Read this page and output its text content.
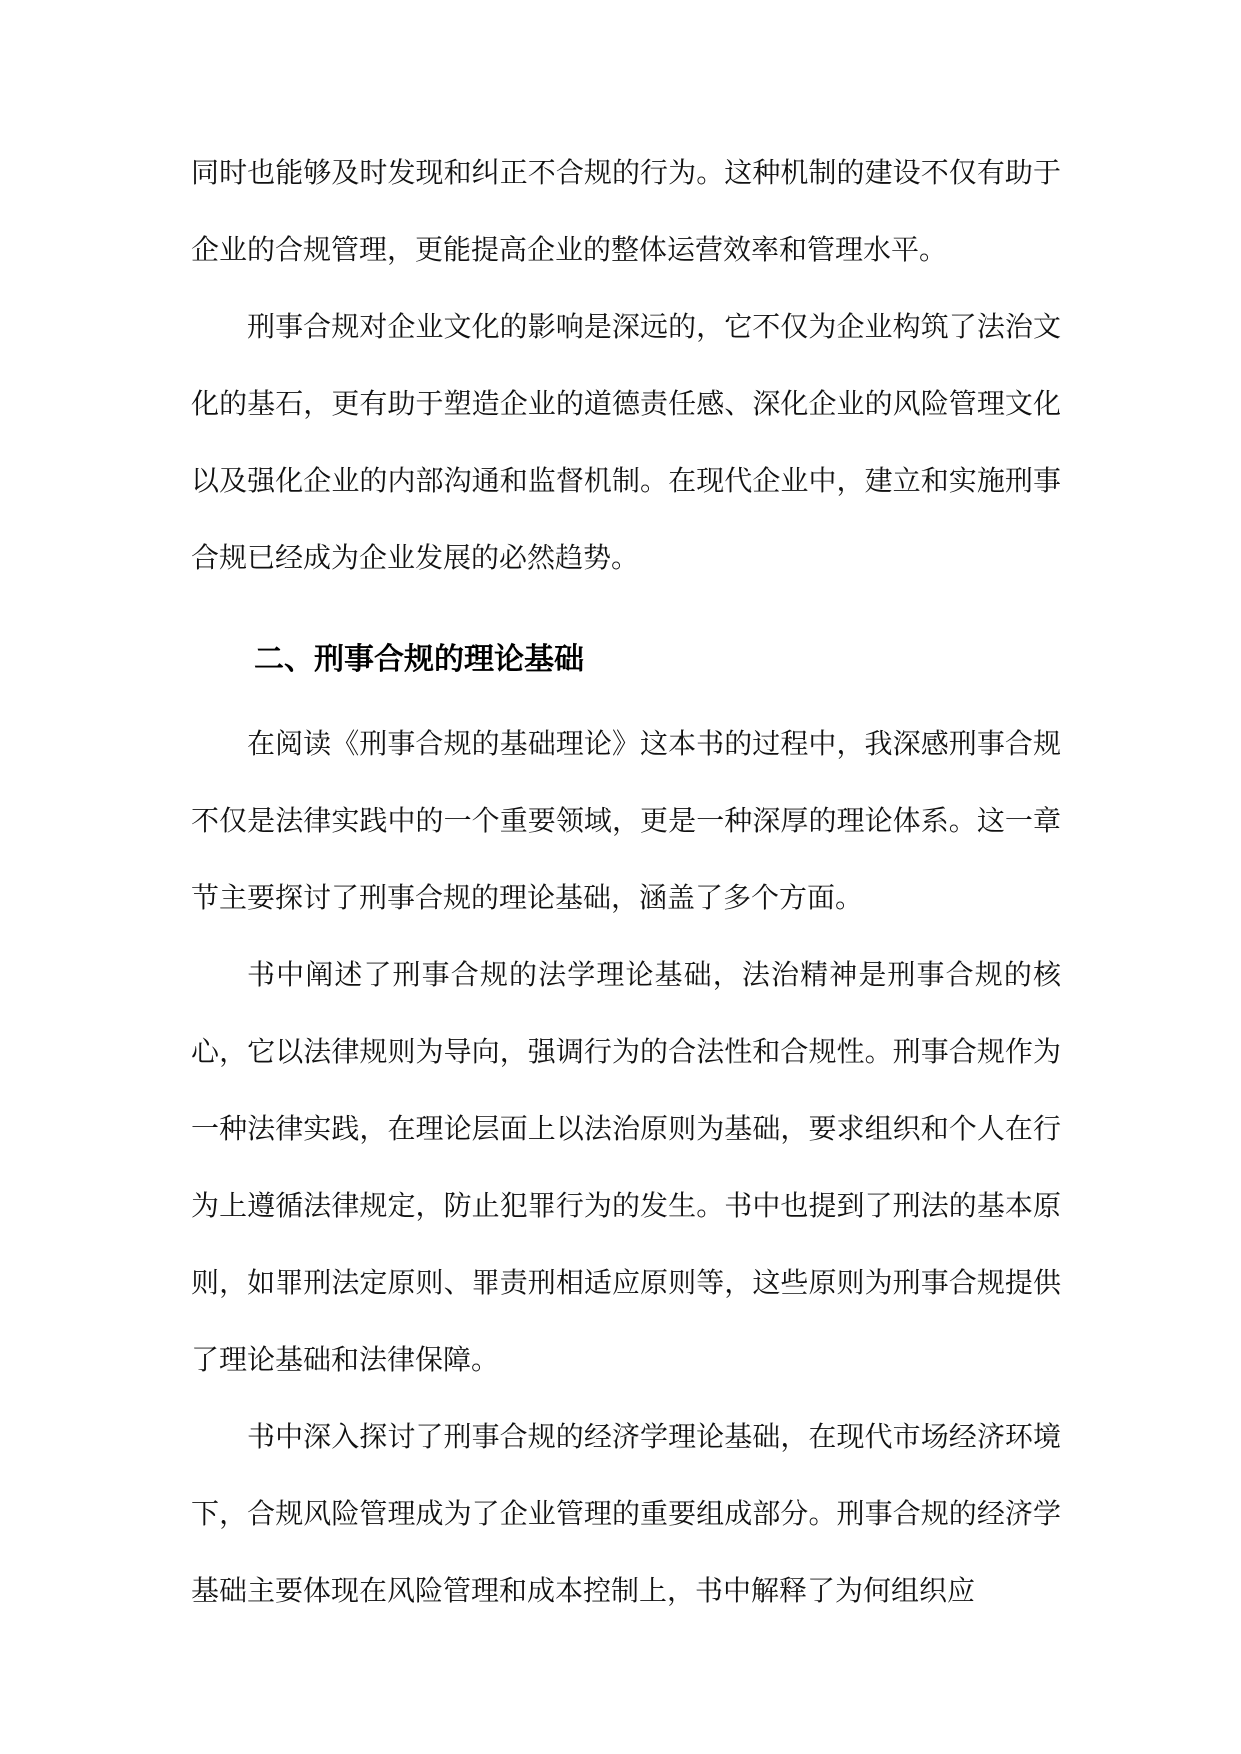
同时也能够及时发现和纠正不合规的行为。这种机制的建设不仅有助于企业的合规管理，更能提高企业的整体运营效率和管理水平。

刑事合规对企业文化的影响是深远的，它不仅为企业构筑了法治文化的基石，更有助于塑造企业的道德责任感、深化企业的风险管理文化以及强化企业的内部沟通和监督机制。在现代企业中，建立和实施刑事合规已经成为企业发展的必然趋势。

二、刑事合规的理论基础

在阅读《刑事合规的基础理论》这本书的过程中，我深感刑事合规不仅是法律实践中的一个重要领域，更是一种深厚的理论体系。这一章节主要探讨了刑事合规的理论基础，涵盖了多个方面。

书中阐述了刑事合规的法学理论基础，法治精神是刑事合规的核心，它以法律规则为导向，强调行为的合法性和合规性。刑事合规作为一种法律实践，在理论层面上以法治原则为基础，要求组织和个人在行为上遵循法律规定，防止犯罪行为的发生。书中也提到了刑法的基本原则，如罪刑法定原则、罪责刑相适应原则等，这些原则为刑事合规提供了理论基础和法律保障。

书中深入探讨了刑事合规的经济学理论基础，在现代市场经济环境下，合规风险管理成为了企业管理的重要组成部分。刑事合规的经济学基础主要体现在风险管理和成本控制上，书中解释了为何组织应
